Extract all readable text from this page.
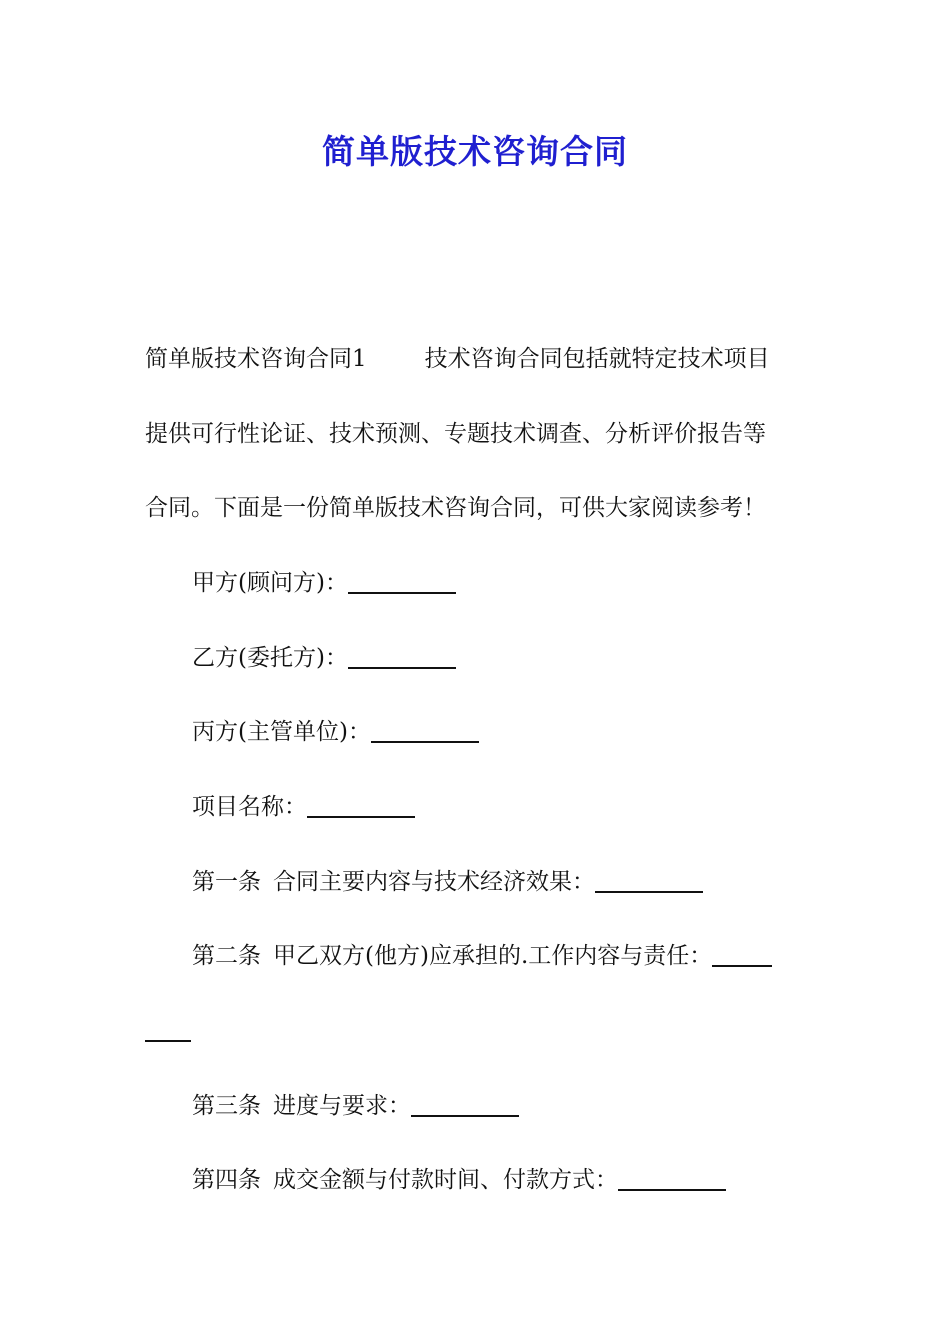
简单版技术咨询合同

简单版技术咨询合同1	技术咨询合同包括就特定技术项目

提供可行性论证、技术预测、专题技术调查、分析评价报告等

合同。下面是一份简单版技术咨询合同，可供大家阅读参考！

甲方(顾问方)：

乙方(委托方)：

丙方(主管单位)：

项目名称：

第一条 合同主要内容与技术经济效果：

第二条 甲乙双方(他方)应承担的.工作内容与责任：

第三条 进度与要求：

第四条 成交金额与付款时间、付款方式：
